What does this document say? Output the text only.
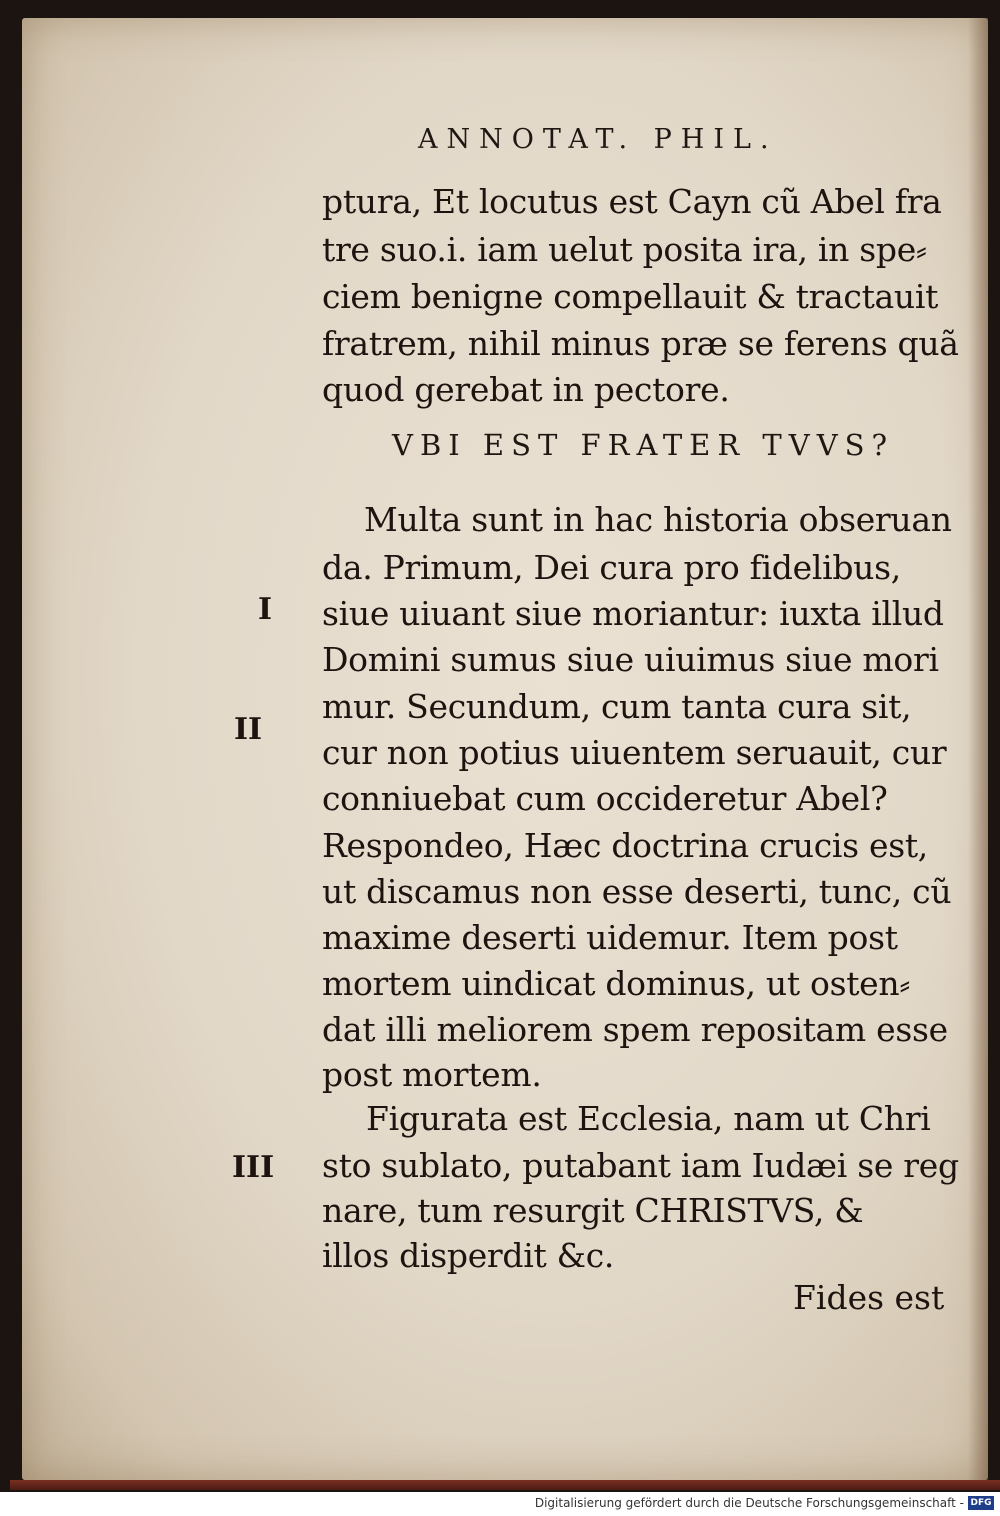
ANNOTAT. PHIL.
ptura, Et locutus est Cayn cũ Abel fra
tre suo.i. iam uelut posita ira, in spe⸗
ciem benigne compellauit & tractauit
fratrem, nihil minus præ se ferens quã
quod gerebat in pectore.
VBI EST FRATER TVVS?
Multa sunt in hac historia obseruan
da. Primum, Dei cura pro fidelibus,
siue uiuant siue moriantur: iuxta illud
Domini sumus siue uiuimus siue mori
mur. Secundum, cum tanta cura sit,
cur non potius uiuentem seruauit, cur
conniuebat cum occideretur Abel?
Respondeo, Hæc doctrina crucis est,
ut discamus non esse deserti, tunc, cũ
maxime deserti uidemur. Item post
mortem uindicat dominus, ut osten⸗
dat illi meliorem spem repositam esse
post mortem.
Figurata est Ecclesia, nam ut Chri
sto sublato, putabant iam Iudæi se reg
nare, tum resurgit CHRISTVS, &
illos disperdit &c.
I
II
III
Fides est
Digitalisierung gefördert durch die Deutsche Forschungsgemeinschaft - DFG
